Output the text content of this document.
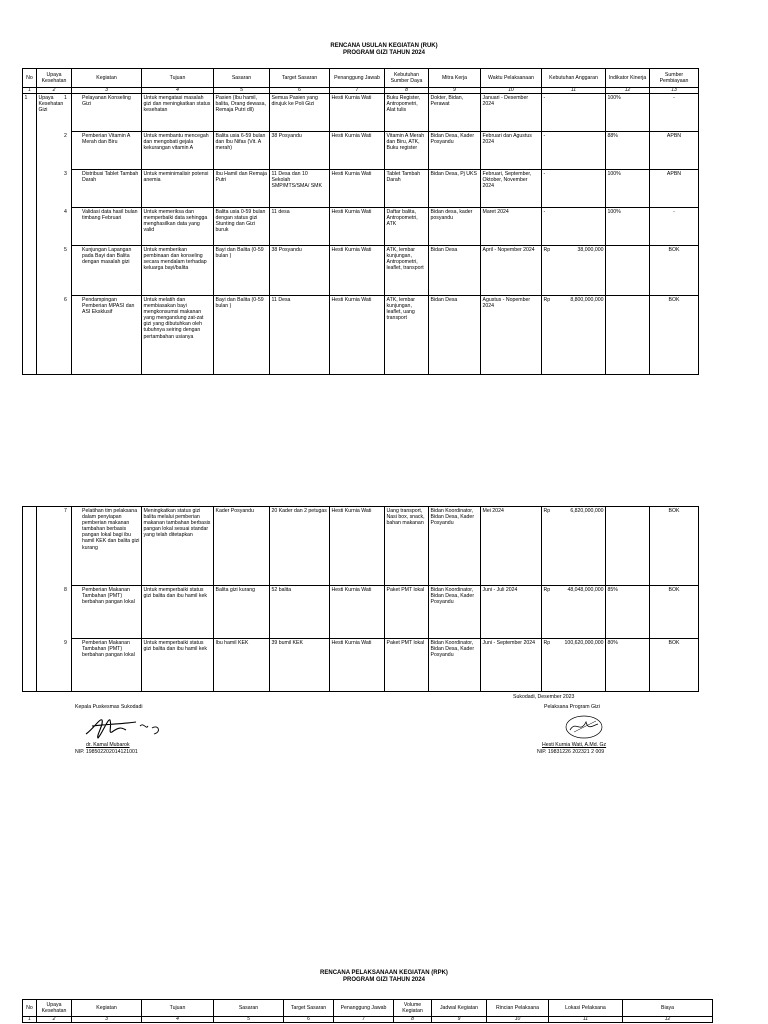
RENCANA USULAN KEGIATAN (RUK)
PROGRAM GIZI TAHUN 2024
No	Upaya Kesehatan	Kegiatan	Tujuan	Sasaran	Target Sasaran	Penanggung Jawab	Kebutuhan Sumber Daya	Mitra Kerja	Waktu Pelaksanaan	Kebutuhan Anggaran	Indikator Kinerja	Sumber Pembiayaan
1	2	3	4	5	6	7	8	9	10	11	12	13
1	Upaya Kesehatan Gizi	1 Pelayanan Konseling Gizi	Untuk mengatasi masalah gizi dan meningkatkan status kesehatan	Pasien (Ibu hamil, balita, Orang dewasa, Remaja Putri dll)	Semua Pasien yang dirujuk ke Poli Gizi	Hesti Kurnia Wati	Buku Register, Antropometri, Alat tulis	Dokter, Bidan, Perawat	Januari - Desember 2024	-	100%	-
		2 Pemberian Vitamin A Merah dan Biru	Untuk membantu mencegah dan mengobati gejala kekurangan vitamin A	Balita usia 6-59 bulan dan Ibu Nifas (Vit. A merah)	38 Posyandu	Hesti Kurnia Wati	Vitamin A Merah dan Biru, ATK, Buku register	Bidan Desa, Kader Posyandu	Februari dan Agustus 2024	-	88%	APBN
		3 Distribusi Tablet Tambah Darah	Untuk meminimalisir potensi anemia	Ibu Hamil dan Remaja Putri	11 Desa dan 10 Sekolah SMP/MTS/SMA/ SMK	Hesti Kurnia Wati	Tablet Tambah Darah	Bidan Desa, Pj UKS	Februari, September, Oktober, November 2024	-	100%	APBN
		4 Validasi data hasil bulan timbang Februari	Untuk memeriksa dan memperbaiki data sehingga menghasilkan data yang valid	Balita usia 0-59 bulan dengan status gizi Stunting dan Gizi buruk	11 desa	Hesti Kurnia Wati	Daftar balita, Antropometri, ATK	Bidan desa, kader posyandu	Maret 2024	-	100%	-
		5 Kunjungan Lapangan pada Bayi dan Balita dengan masalah gizi	Untuk memberikan pembinaan dan konseling secara mendalam terhadap keluarga bayi/balita	Bayi dan Balita (0-59 bulan )	38 Posyandu	Hesti Kurnia Wati	ATK, lembar kunjungan, Antropometri, leaflet, transport	Bidan Desa	April - Nopember 2024	Rp 38,000,000		BOK
		6 Pendampingan Pemberian MPASI dan ASI Eksklusif	Untuk melatih dan membiasakan bayi mengkonsumsi makanan yang mengandung zat-zat gizi yang dibutuhkan oleh tubuhnya seiring dengan pertambahan usianya	Bayi dan Balita (0-59 bulan )	11 Desa	Hesti Kurnia Wati	ATK, lembar kunjungan, leaflet, uang transport	Bidan Desa	Agustus - Nopember 2024	Rp 8,800,000,000		BOK
		7 Pelatihan tim pelaksana dalam penyiapan pemberian makanan tambahan berbasis pangan lokal bagi ibu hamil KEK dan balita gizi kurang	Meningkatkan status gizi balita melalui pemberian makanan tambahan berbasis pangan lokal sesuai standar yang telah ditetapkan	Kader Posyandu	20 Kader dan 2 petugas	Hesti Kurnia Wati	Uang transport, Nasi box, snack, bahan makanan	Bidan Koordinator, Bidan Desa, Kader Posyandu	Mei 2024	Rp 6,820,000,000		BOK
		8 Pemberian Makanan Tambahan (PMT) berbahan pangan lokal	Untuk memperbaiki status gizi balita dan ibu hamil kek	Balita gizi kurang	52 balita	Hesti Kurnia Wati	Paket PMT lokal	Bidan Koordinator, Bidan Desa, Kader Posyandu	Juni - Juli 2024	Rp 48,048,000,000	85%	BOK
		9 Pemberian Makanan Tambahan (PMT) berbahan pangan lokal	Untuk memperbaiki status gizi balita dan ibu hamil kek	Ibu hamil KEK	39 bumil KEK	Hesti Kurnia Wati	Paket PMT lokal	Bidan Koordinator, Bidan Desa, Kader Posyandu	Juni - September 2024	Rp 100,620,000,000	80%	BOK
Sukodadi, Desember 2023
Kepala Puskesmas Sukodadi	Pelaksana Program Gizi
dr. Kamal Mubarok
NIP. 198502202014121001
Hesti Kurnia Wati, A.Md. Gz
NIP. 19831226 202321 2 009
RENCANA PELAKSANAAN KEGIATAN (RPK)
PROGRAM GIZI TAHUN 2024
No	Upaya Kesehatan	Kegiatan	Tujuan	Sasaran	Target Sasaran	Penanggung Jawab	Volume Kegiatan	Jadwal Kegiatan	Rincian Pelaksana	Lokasi Pelaksana	Biaya
1	2	3	4	5	6	7	8	9	10	11	12
